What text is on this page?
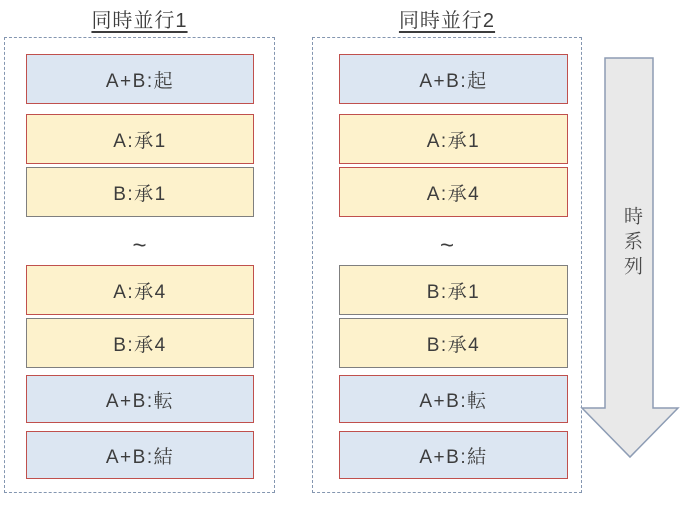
同時並行1	同時並行2
A+B:起
A:承1
B:承1
~
A:承4
B:承4
A+B:転
A+B:結
A+B:起
A:承1
A:承4
~
B:承1
B:承4
A+B:転
A+B:結
時系列
